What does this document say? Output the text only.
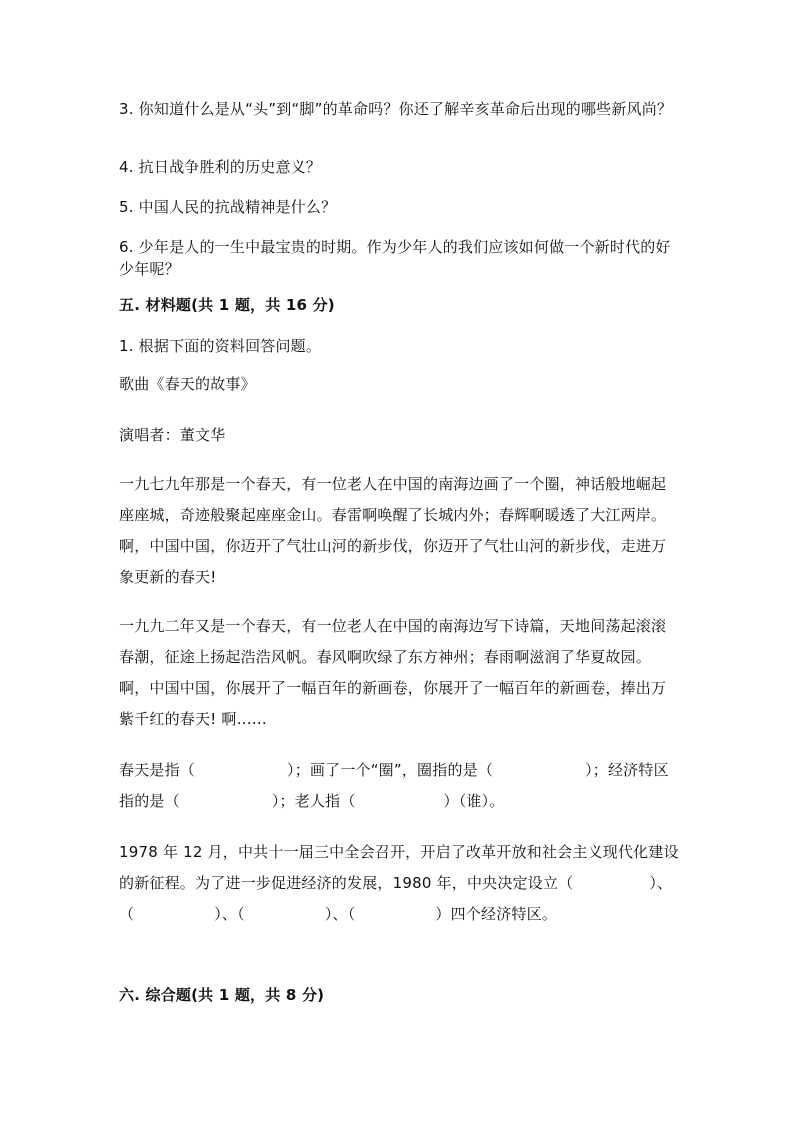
3. 你知道什么是从“头”到“脚”的革命吗？你还了解辛亥革命后出现的哪些新风尚？
4. 抗日战争胜利的历史意义？
5. 中国人民的抗战精神是什么？
6. 少年是人的一生中最宝贵的时期。作为少年人的我们应该如何做一个新时代的好少年呢？
五. 材料题(共 1 题，共 16 分)
1. 根据下面的资料回答问题。
歌曲《春天的故事》
演唱者：董文华
一九七九年那是一个春天，有一位老人在中国的南海边画了一个圈，神话般地崛起座座城，奇迹般聚起座座金山。春雷啊唤醒了长城内外；春辉啊暖透了大江两岸。啊，中国中国，你迈开了气壮山河的新步伐，你迈开了气壮山河的新步伐，走进万象更新的春天!
一九九二年又是一个春天，有一位老人在中国的南海边写下诗篇，天地间荡起滚滚春潮，征途上扬起浩浩风帆。春风啊吹绿了东方神州；春雨啊滋润了华夏故园。啊，中国中国，你展开了一幅百年的新画卷，你展开了一幅百年的新画卷，捧出万紫千红的春天! 啊……
春天是指（	）；画了一个“圈”，圈指的是（	）；经济特区指的是（	）；老人指（	）（谁）。
1978 年 12 月，中共十一届三中全会召开，开启了改革开放和社会主义现代化建设的新征程。为了进一步促进经济的发展，1980 年，中央决定设立（	）、（	）、（	）、（	）四个经济特区。
六. 综合题(共 1 题，共 8 分)
